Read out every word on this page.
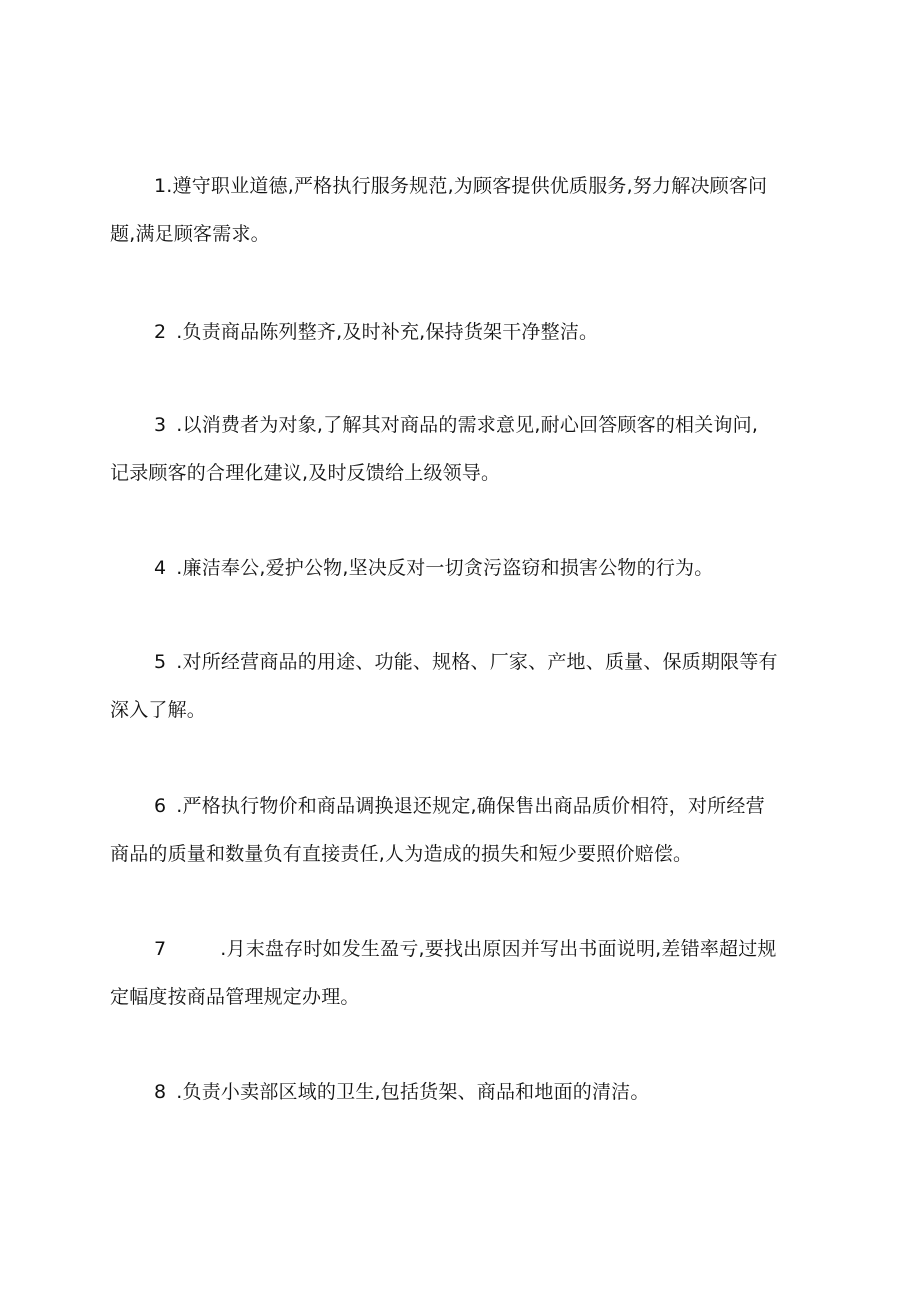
1.遵守职业道德,严格执行服务规范,为顾客提供优质服务,努力解决顾客问
题,满足顾客需求。
2 .负责商品陈列整齐,及时补充,保持货架干净整洁。
3 .以消费者为对象,了解其对商品的需求意见,耐心回答顾客的相关询问,
记录顾客的合理化建议,及时反馈给上级领导。
4 .廉洁奉公,爱护公物,坚决反对一切贪污盗窃和损害公物的行为。
5 .对所经营商品的用途、功能、规格、厂家、产地、质量、保质期限等有
深入了解。
6 .严格执行物价和商品调换退还规定,确保售出商品质价相符，对所经营
商品的质量和数量负有直接责任,人为造成的损失和短少要照价赔偿。
7	.月末盘存时如发生盈亏,要找出原因并写出书面说明,差错率超过规
定幅度按商品管理规定办理。
8 .负责小卖部区域的卫生,包括货架、商品和地面的清洁。
